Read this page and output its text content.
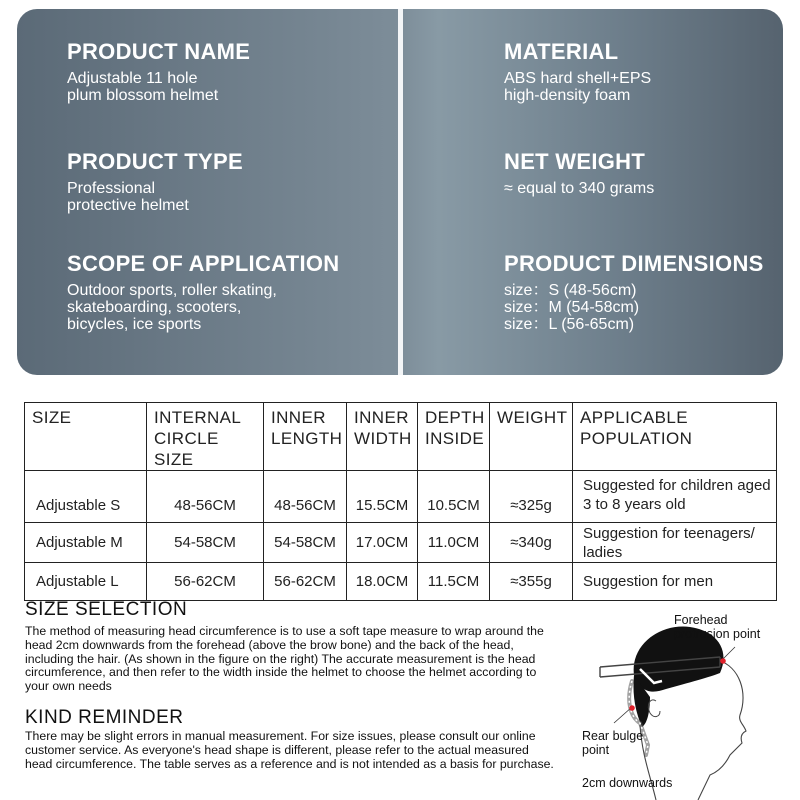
PRODUCT NAME
Adjustable 11 hole
plum blossom helmet
MATERIAL
ABS hard shell+EPS
high-density foam
PRODUCT TYPE
Professional
protective helmet
NET WEIGHT
≈ equal to 340 grams
SCOPE OF APPLICATION
Outdoor sports, roller skating,
skateboarding, scooters,
bicycles, ice sports
PRODUCT DIMENSIONS
size：S (48-56cm)
size：M (54-58cm)
size：L (56-65cm)
SIZE	INTERNAL CIRCLE SIZE	INNER LENGTH	INNER WIDTH	DEPTH INSIDE	WEIGHT	APPLICABLE POPULATION
Adjustable S	48-56CM	48-56CM	15.5CM	10.5CM	≈325g	Suggested for children aged 3 to 8 years old
Adjustable M	54-58CM	54-58CM	17.0CM	11.0CM	≈340g	Suggestion for teenagers/ ladies
Adjustable L	56-62CM	56-62CM	18.0CM	11.5CM	≈355g	Suggestion for men
SIZE SELECTION
The method of measuring head circumference is to use a soft tape measure to wrap around the head 2cm downwards from the forehead (above the brow bone) and the back of the head, including the hair. (As shown in the figure on the right) The accurate measurement is the head circumference, and then refer to the width inside the helmet to choose the helmet according to your own needs
KIND REMINDER
There may be slight errors in manual measurement. For size issues, please consult our online customer service. As everyone's head shape is different, please refer to the actual measured head circumference. The table serves as a reference and is not intended as a basis for purchase.
Forehead
protrusion point
Rear bulge
point
2cm downwards
